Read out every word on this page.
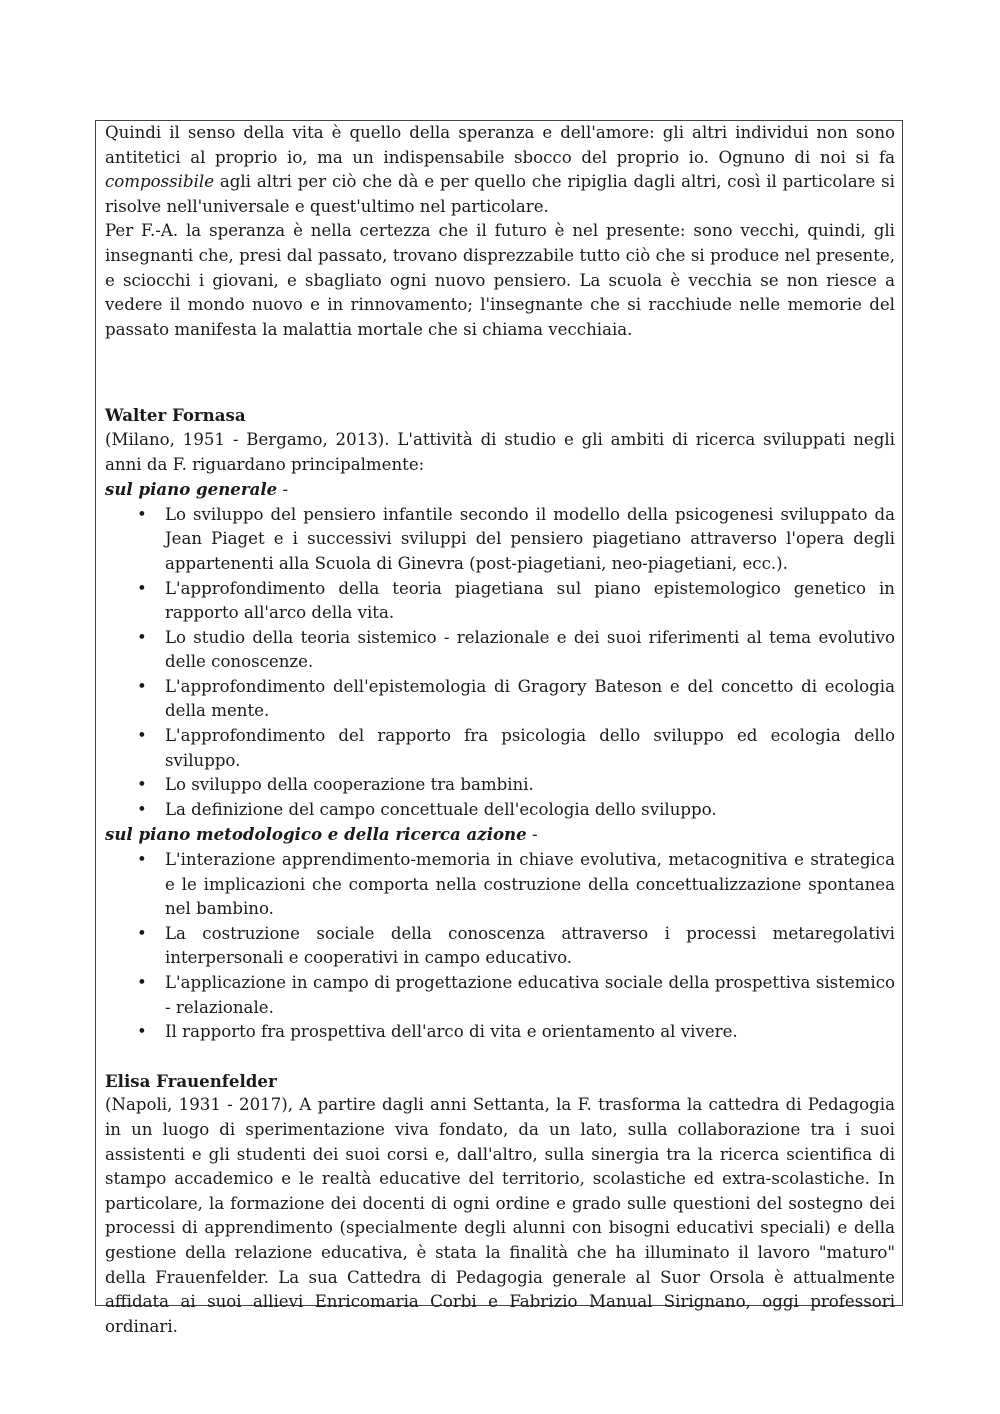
Quindi il senso della vita è quello della speranza e dell'amore: gli altri individui non sono antitetici al proprio io, ma un indispensabile sbocco del proprio io. Ognuno di noi si fa compossibile agli altri per ciò che dà e per quello che ripiglia dagli altri, così il particolare si risolve nell'universale e quest'ultimo nel particolare.

Per F.-A. la speranza è nella certezza che il futuro è nel presente: sono vecchi, quindi, gli insegnanti che, presi dal passato, trovano disprezzabile tutto ciò che si produce nel presente, e sciocchi i giovani, e sbagliato ogni nuovo pensiero. La scuola è vecchia se non riesce a vedere il mondo nuovo e in rinnovamento; l'insegnante che si racchiude nelle memorie del passato manifesta la malattia mortale che si chiama vecchiaia.

Walter Fornasa

(Milano, 1951 - Bergamo, 2013). L'attività di studio e gli ambiti di ricerca sviluppati negli anni da F. riguardano principalmente:

sul piano generale -

• Lo sviluppo del pensiero infantile secondo il modello della psicogenesi sviluppato da Jean Piaget e i successivi sviluppi del pensiero piagetiano attraverso l'opera degli appartenenti alla Scuola di Ginevra (post-piagetiani, neo-piagetiani, ecc.).
• L'approfondimento della teoria piagetiana sul piano epistemologico genetico in rapporto all'arco della vita.
• Lo studio della teoria sistemico - relazionale e dei suoi riferimenti al tema evolutivo delle conoscenze.
• L'approfondimento dell'epistemologia di Gragory Bateson e del concetto di ecologia della mente.
• L'approfondimento del rapporto fra psicologia dello sviluppo ed ecologia dello sviluppo.
• Lo sviluppo della cooperazione tra bambini.
• La definizione del campo concettuale dell'ecologia dello sviluppo.

sul piano metodologico e della ricerca azione -

• L'interazione apprendimento-memoria in chiave evolutiva, metacognitiva e strategica e le implicazioni che comporta nella costruzione della concettualizzazione spontanea nel bambino.
• La costruzione sociale della conoscenza attraverso i processi metaregolativi interpersonali e cooperativi in campo educativo.
• L'applicazione in campo di progettazione educativa sociale della prospettiva sistemico - relazionale.
• Il rapporto fra prospettiva dell'arco di vita e orientamento al vivere.

Elisa Frauenfelder

(Napoli, 1931 - 2017), A partire dagli anni Settanta, la F. trasforma la cattedra di Pedagogia in un luogo di sperimentazione viva fondato, da un lato, sulla collaborazione tra i suoi assistenti e gli studenti dei suoi corsi e, dall'altro, sulla sinergia tra la ricerca scientifica di stampo accademico e le realtà educative del territorio, scolastiche ed extra-scolastiche. In particolare, la formazione dei docenti di ogni ordine e grado sulle questioni del sostegno dei processi di apprendimento (specialmente degli alunni con bisogni educativi speciali) e della gestione della relazione educativa, è stata la finalità che ha illuminato il lavoro "maturo" della Frauenfelder. La sua Cattedra di Pedagogia generale al Suor Orsola è attualmente affidata ai suoi allievi Enricomaria Corbi e Fabrizio Manual Sirignano, oggi professori ordinari.
